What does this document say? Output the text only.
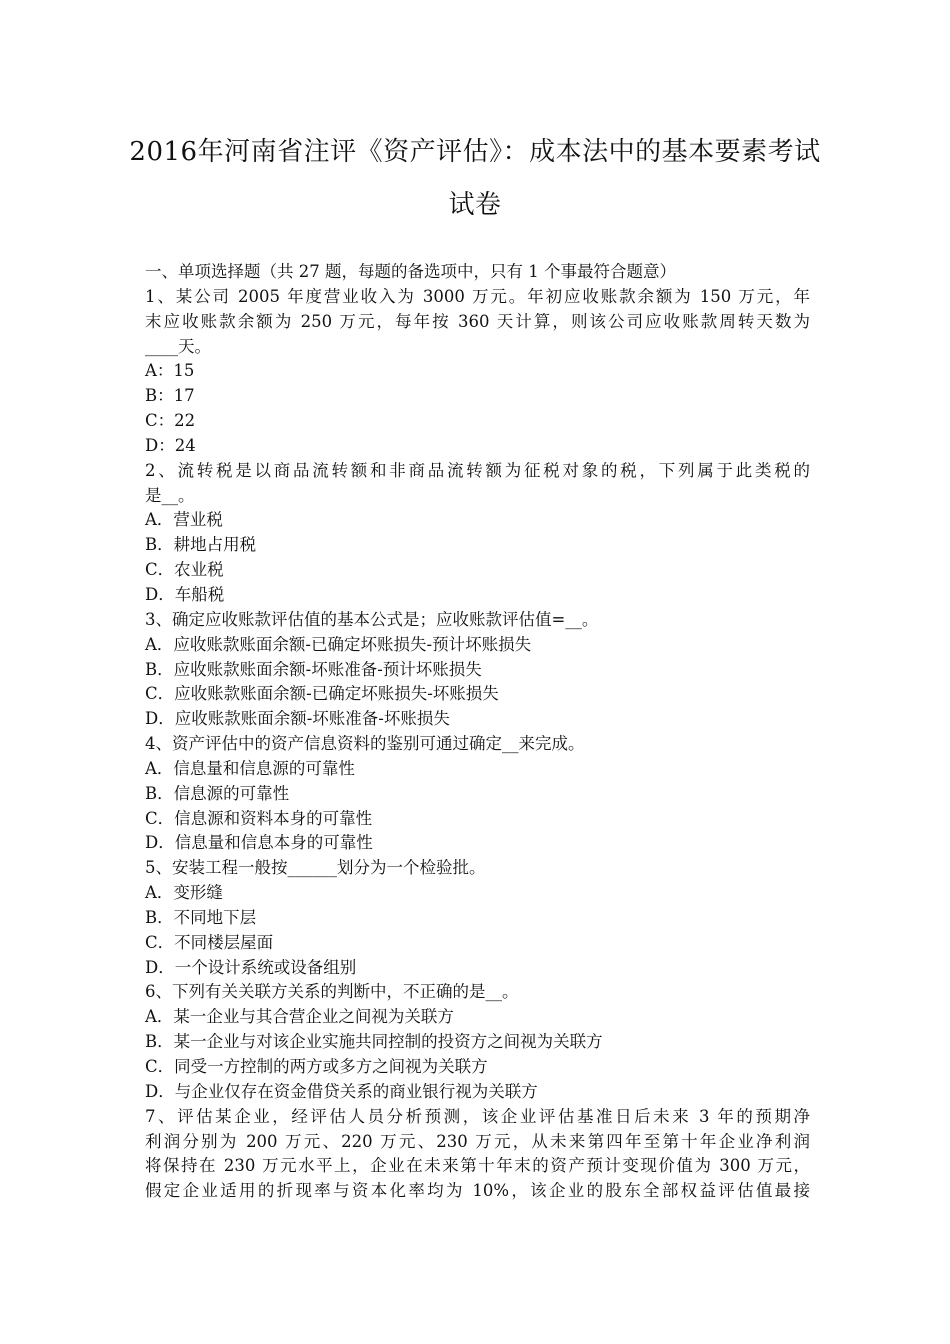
2016年河南省注评《资产评估》：成本法中的基本要素考试
试卷
一、单项选择题（共 27 题，每题的备选项中，只有 1 个事最符合题意）
1、某公司 2005 年度营业收入为 3000 万元。年初应收账款余额为 150 万元，年
末应收账款余额为 250 万元，每年按 360 天计算，则该公司应收账款周转天数为
____天。
A：15
B：17
C：22
D：24
2、流转税是以商品流转额和非商品流转额为征税对象的税，下列属于此类税的
是__。
A．营业税
B．耕地占用税
C．农业税
D．车船税
3、确定应收账款评估值的基本公式是；应收账款评估值=__。
A．应收账款账面余额-已确定坏账损失-预计坏账损失
B．应收账款账面余额-坏账准备-预计坏账损失
C．应收账款账面余额-已确定坏账损失-坏账损失
D．应收账款账面余额-坏账准备-坏账损失
4、资产评估中的资产信息资料的鉴别可通过确定__来完成。
A．信息量和信息源的可靠性
B．信息源的可靠性
C．信息源和资料本身的可靠性
D．信息量和信息本身的可靠性
5、安装工程一般按______划分为一个检验批。
A．变形缝
B．不同地下层
C．不同楼层屋面
D．一个设计系统或设备组别
6、下列有关关联方关系的判断中，不正确的是__。
A．某一企业与其合营企业之间视为关联方
B．某一企业与对该企业实施共同控制的投资方之间视为关联方
C．同受一方控制的两方或多方之间视为关联方
D．与企业仅存在资金借贷关系的商业银行视为关联方
7、评估某企业，经评估人员分析预测，该企业评估基准日后未来 3 年的预期净
利润分别为 200 万元、220 万元、230 万元，从未来第四年至第十年企业净利润
将保持在 230 万元水平上，企业在未来第十年末的资产预计变现价值为 300 万元，
假定企业适用的折现率与资本化率均为 10%，该企业的股东全部权益评估值最接
